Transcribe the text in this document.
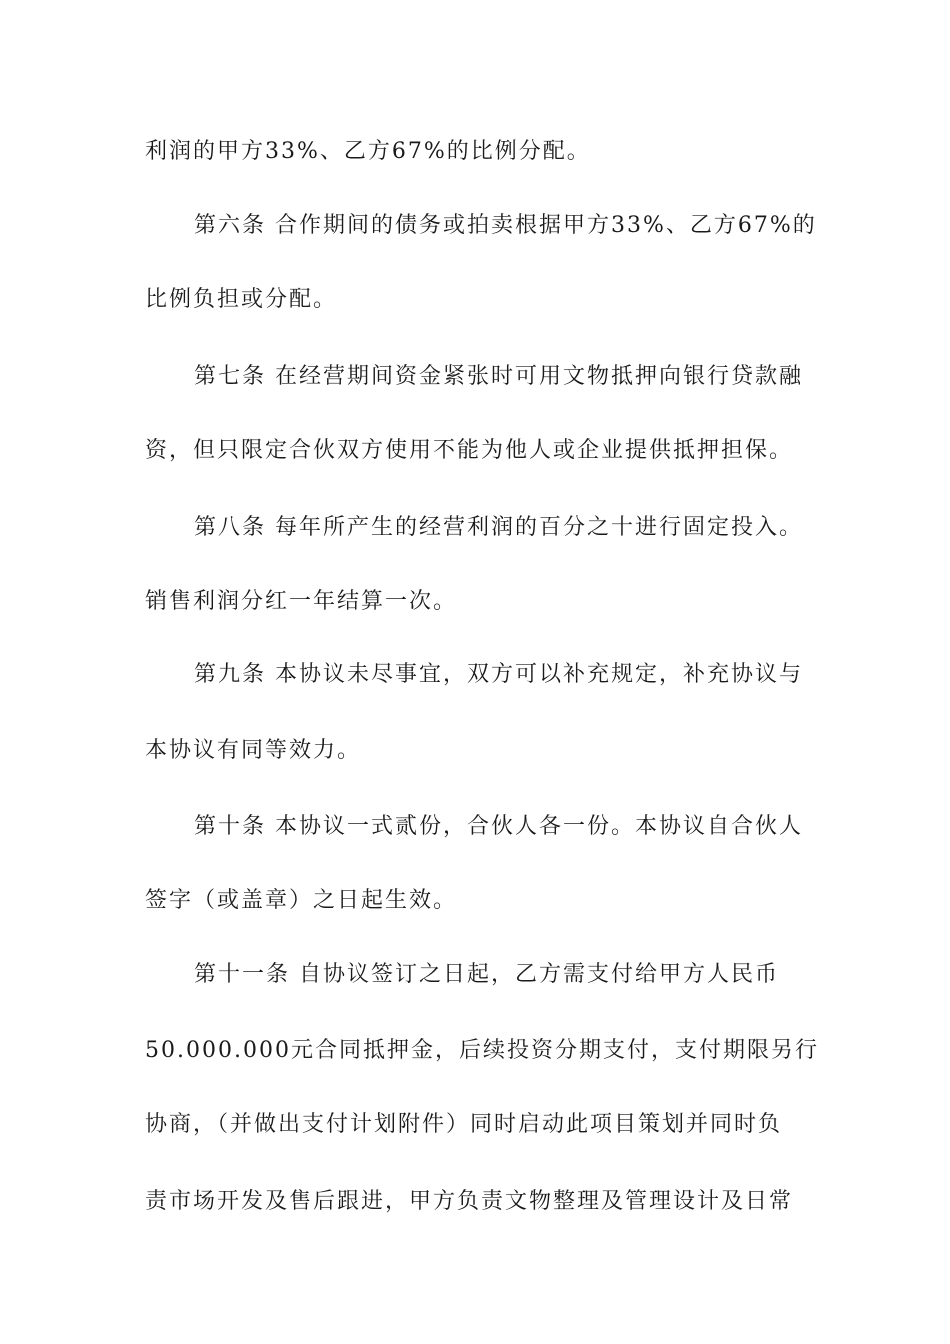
利润的甲方33%、乙方67%的比例分配。
第六条 合作期间的债务或拍卖根据甲方33%、乙方67%的
比例负担或分配。
第七条 在经营期间资金紧张时可用文物抵押向银行贷款融
资，但只限定合伙双方使用不能为他人或企业提供抵押担保。
第八条 每年所产生的经营利润的百分之十进行固定投入。
销售利润分红一年结算一次。
第九条 本协议未尽事宜，双方可以补充规定，补充协议与
本协议有同等效力。
第十条 本协议一式贰份，合伙人各一份。本协议自合伙人
签字（或盖章）之日起生效。
第十一条 自协议签订之日起，乙方需支付给甲方人民币
50.000.000元合同抵押金，后续投资分期支付，支付期限另行
协商，（并做出支付计划附件）同时启动此项目策划并同时负
责市场开发及售后跟进，甲方负责文物整理及管理设计及日常
